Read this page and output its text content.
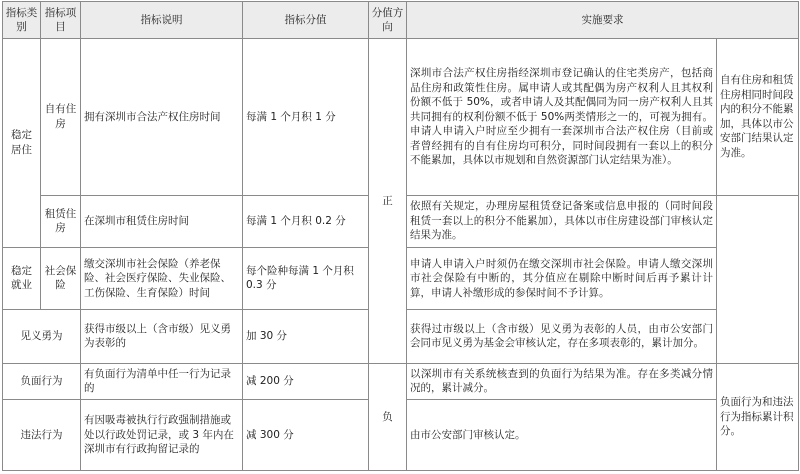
指标类别	指标项目	指标说明	指标分值	分值方向	实施要求	
稳定居住	自有住房	拥有深圳市合法产权住房时间	每满 1 个月积 1 分	正	深圳市合法产权住房指经深圳市登记确认的住宅类房产，包括商品住房和政策性住房。属申请人或其配偶为房产权利人且其权利份额不低于 50%，或者申请人及其配偶同为同一房产权利人且其共同拥有的权利份额不低于 50%两类情形之一的，可视为拥有。申请人申请入户时应至少拥有一套深圳市合法产权住房（目前或者曾经拥有的自有住房均可积分，同时间段拥有一套以上的积分不能累加，具体以市规划和自然资源部门认定结果为准）。	自有住房和租赁住房相同时间段内的积分不能累加，具体以市公安部门结果认定为准。
	租赁住房	在深圳市租赁住房时间	每满 1 个月积 0.2 分		依照有关规定，办理房屋租赁登记备案或信息申报的（同时间段租赁一套以上的积分不能累加），具体以市住房建设部门审核认定结果为准。	
稳定就业	社会保险	缴交深圳市社会保险（养老保险、社会医疗保险、失业保险、工伤保险、生育保险）时间	每个险种每满 1 个月积 0.3 分		申请人申请入户时须仍在缴交深圳市社会保险。申请人缴交深圳市社会保险有中断的，其分值应在剔除中断时间后再予累计计算，申请人补缴形成的参保时间不予计算。	
见义勇为		获得市级以上（含市级）见义勇为表彰的	加 30 分		获得过市级以上（含市级）见义勇为表彰的人员，由市公安部门会同市见义勇为基金会审核认定，存在多项表彰的，累计加分。	
负面行为		有负面行为清单中任一行为记录的	减 200 分	负	以深圳市有关系统核查到的负面行为结果为准。存在多类减分情况的，累计减分。	负面行为和违法行为指标累计积分。
违法行为		有因吸毒被执行行政强制措施或处以行政处罚记录，或 3 年内在深圳市有行政拘留记录的	减 300 分		由市公安部门审核认定。	
